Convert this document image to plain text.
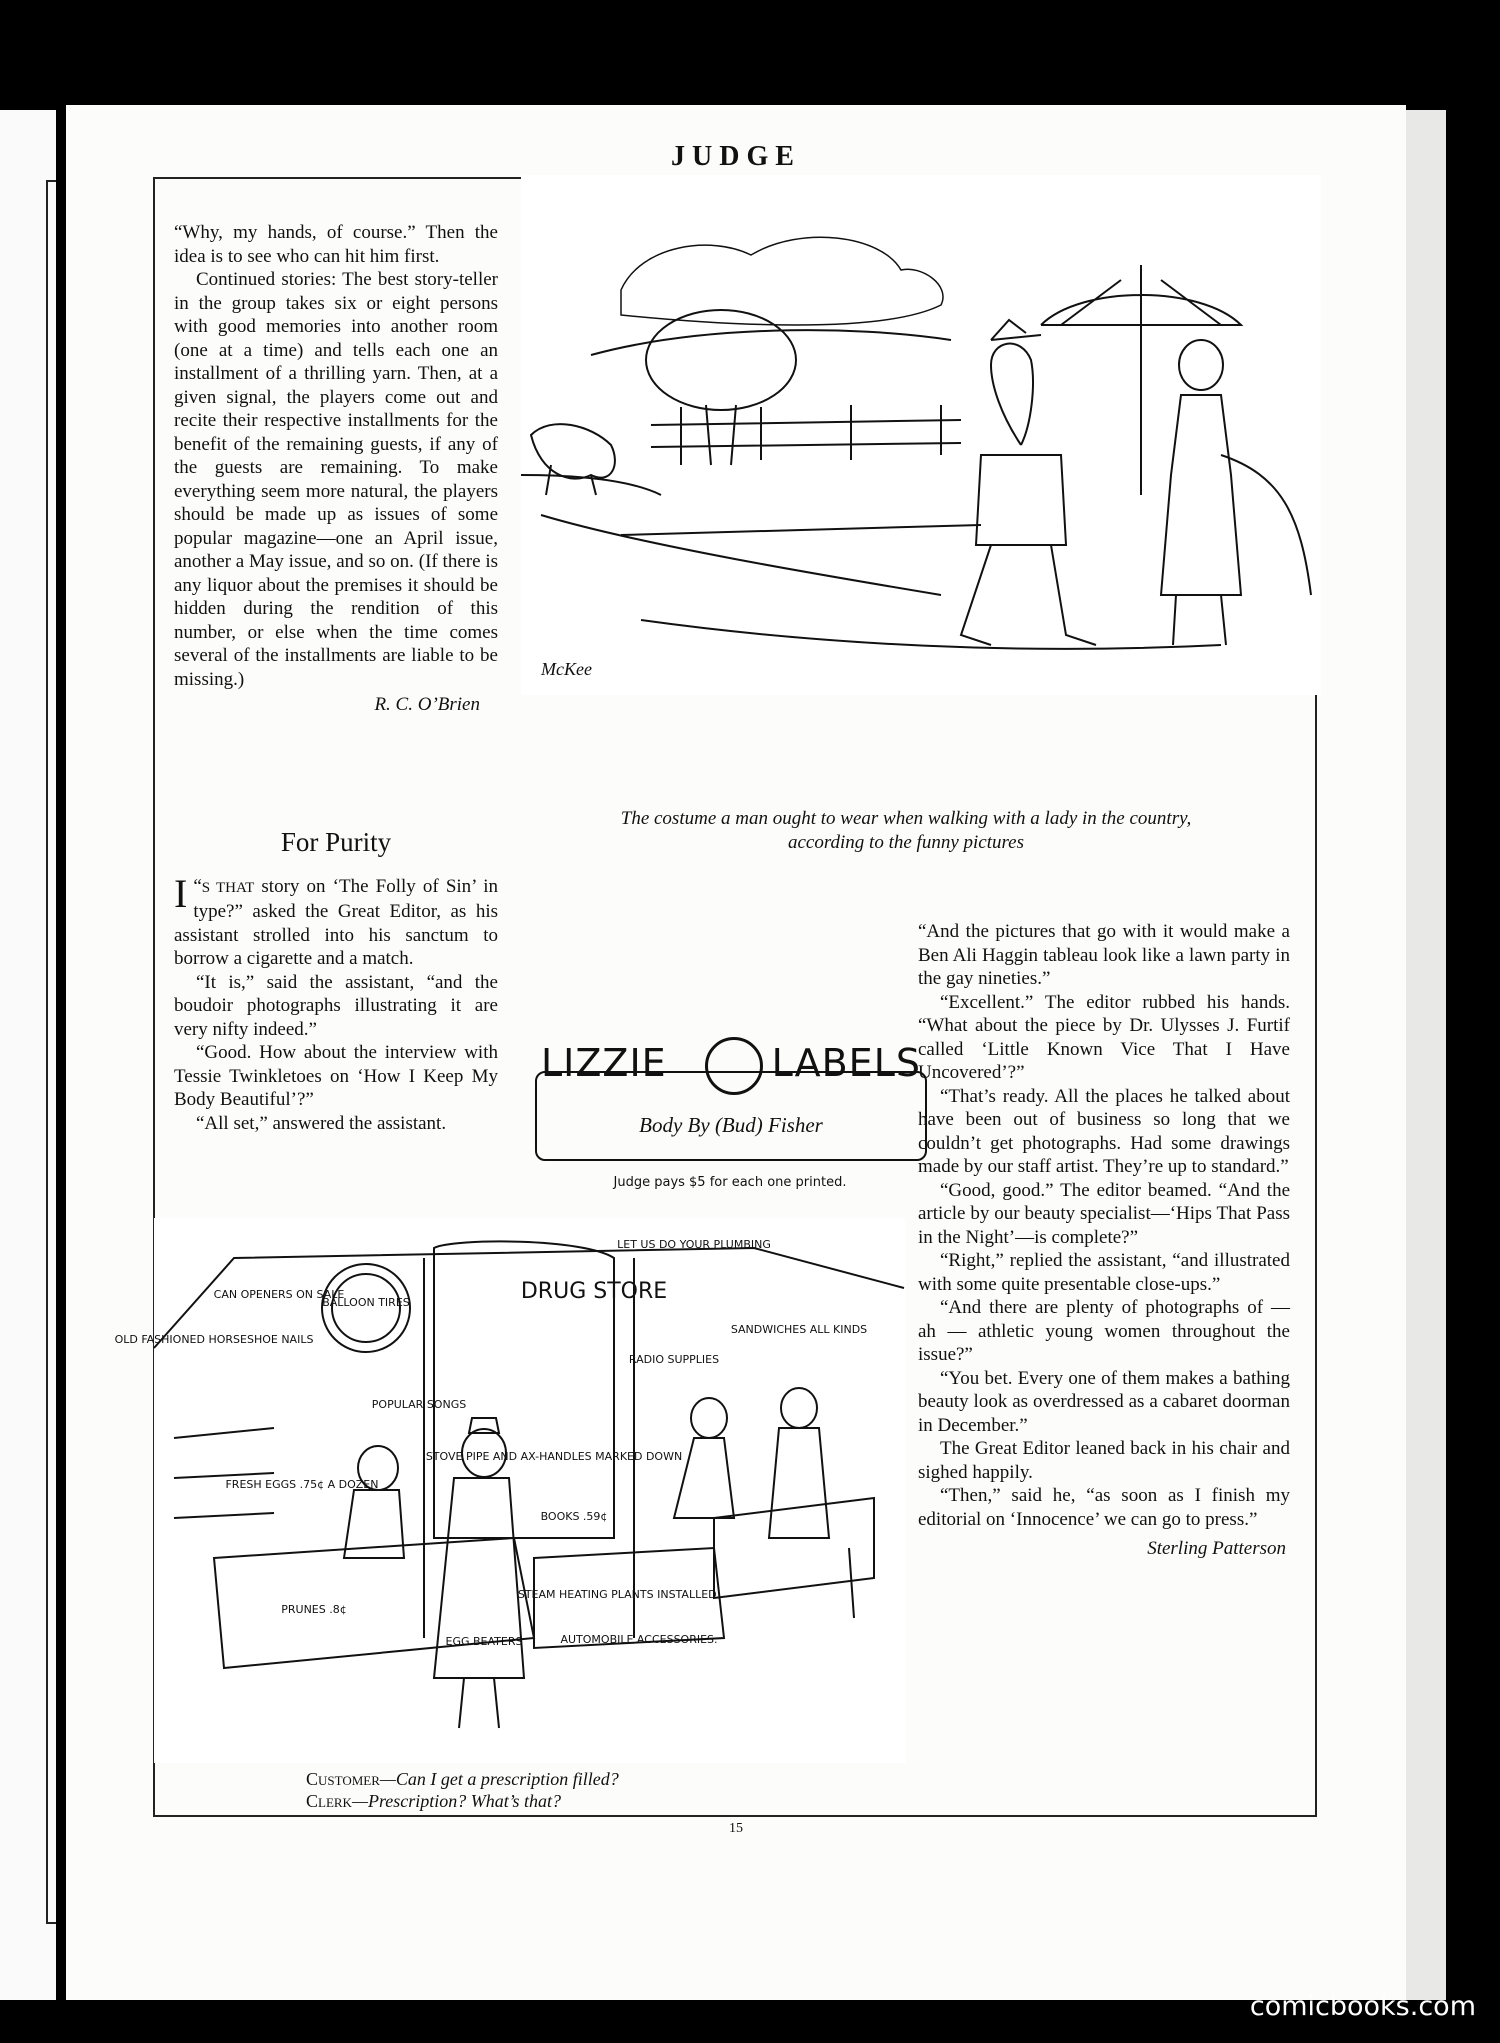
JUDGE

“Why, my hands, of course.” Then the idea is to see who can hit him first.

Continued stories: The best story-teller in the group takes six or eight persons with good memories into another room (one at a time) and tells each one an installment of a thrilling yarn. Then, at a given signal, the players come out and recite their respective installments for the benefit of the remaining guests, if any of the guests are remaining. To make everything seem more natural, the players should be made up as issues of some popular magazine—one an April issue, another a May issue, and so on. (If there is any liquor about the premises it should be hidden during the rendition of this number, or else when the time comes several of the installments are liable to be missing.)

R. C. O’Brien
For Purity

“
I S THAT story on ‘The Folly of Sin’ in type?” asked the Great Editor, as his assistant strolled into his sanctum to borrow a cigarette and a match.

“It is,” said the assistant, “and the boudoir photographs illustrating it are very nifty indeed.”

“Good. How about the interview with Tessie Twinkletoes on ‘How I Keep My Body Beautiful’?”

“All set,” answered the assistant.

McKee
The costume a man ought to wear when walking with a lady in the country, according to the funny pictures
LIZZIE	LABELS
Body By (Bud) Fisher
Judge pays $5 for each one printed.

“And the pictures that go with it would make a Ben Ali Haggin tableau look like a lawn party in the gay nineties.”

“Excellent.” The editor rubbed his hands. “What about the piece by Dr. Ulysses J. Furtif called ‘Little Known Vice That I Have Uncovered’?”

“That’s ready. All the places he talked about have been out of business so long that we couldn’t get photographs. Had some drawings made by our staff artist. They’re up to standard.”

“Good, good.” The editor beamed. “And the article by our beauty specialist—‘Hips That Pass in the Night’—is complete?”

“Right,” replied the assistant, “and illustrated with some quite presentable close-ups.”

“And there are plenty of photographs of — ah — athletic young women throughout the issue?”

“You bet. Every one of them makes a bathing beauty look as overdressed as a cabaret doorman in December.”

The Great Editor leaned back in his chair and sighed happily.

“Then,” said he, “as soon as I finish my editorial on ‘Innocence’ we can go to press.”

Sterling Patterson
BALLOON TIRES
CAN OPENERS ON SALE
OLD FASHIONED HORSESHOE NAILS
POPULAR SONGS
FRESH EGGS .75¢ A DOZEN
PRUNES .8¢
DRUG STORE
RADIO SUPPLIES
LET US DO YOUR PLUMBING
SANDWICHES ALL KINDS
STOVE PIPE AND AX-HANDLES MARKED DOWN
BOOKS .59¢
STEAM HEATING PLANTS INSTALLED.
EGG BEATERS	AUTOMOBILE ACCESSORIES.
Customer—Can I get a prescription filled?
Clerk—Prescription? What’s that?
15
comicbooks.com
